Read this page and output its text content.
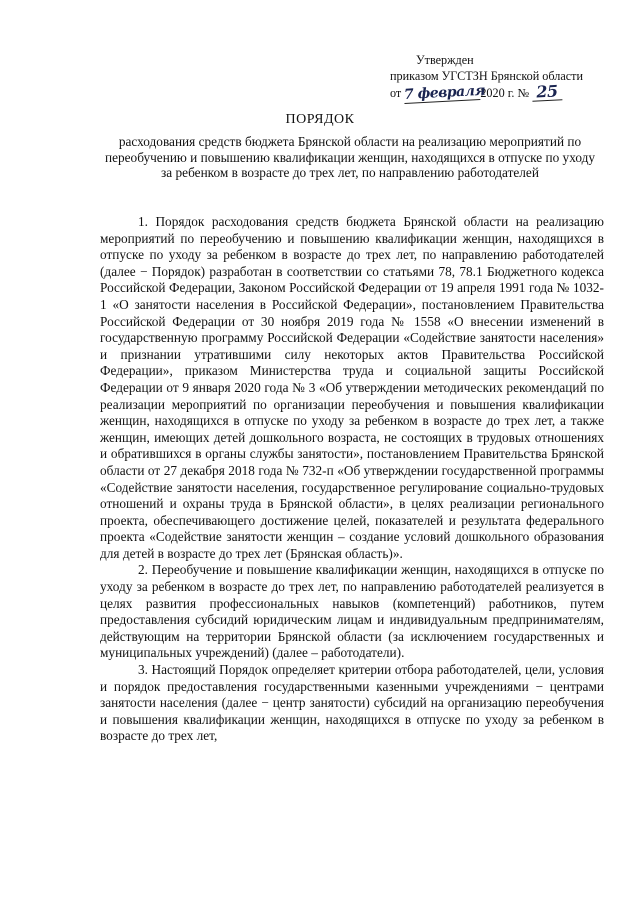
Утвержден
приказом УГСТЗН Брянской области
от 7 февраля2020 г. № 25
ПОРЯДОК
расходования средств бюджета Брянской области на реализацию мероприятий по переобучению и повышению квалификации женщин, находящихся в отпуске по уходу за ребенком в возрасте до трех лет, по направлению работодателей

1. Порядок расходования средств бюджета Брянской области на реализацию мероприятий по переобучению и повышению квалификации женщин, находящихся в отпуске по уходу за ребенком в возрасте до трех лет, по направлению работодателей (далее − Порядок) разработан в соответствии со статьями 78, 78.1 Бюджетного кодекса Российской Федерации, Законом Российской Федерации от 19 апреля 1991 года № 1032-1 «О занятости населения в Российской Федерации», постановлением Правительства Российской Федерации от 30 ноября 2019 года № 1558 «О внесении изменений в государственную программу Российской Федерации «Содействие занятости населения» и признании утратившими силу некоторых актов Правительства Российской Федерации», приказом Министерства труда и социальной защиты Российской Федерации от 9 января 2020 года № 3 «Об утверждении методических рекомендаций по реализации мероприятий по организации переобучения и повышения квалификации женщин, находящихся в отпуске по уходу за ребенком в возрасте до трех лет, а также женщин, имеющих детей дошкольного возраста, не состоящих в трудовых отношениях и обратившихся в органы службы занятости», постановлением Правительства Брянской области от 27 декабря 2018 года № 732-п «Об утверждении государственной программы «Содействие занятости населения, государственное регулирование социально-трудовых отношений и охраны труда в Брянской области», в целях реализации регионального проекта, обеспечивающего достижение целей, показателей и результата федерального проекта «Содействие занятости женщин – создание условий дошкольного образования для детей в возрасте до трех лет (Брянская область)».

2. Переобучение и повышение квалификации женщин, находящихся в отпуске по уходу за ребенком в возрасте до трех лет, по направлению работодателей реализуется в целях развития профессиональных навыков (компетенций) работников, путем предоставления субсидий юридическим лицам и индивидуальным предпринимателям, действующим на территории Брянской области (за исключением государственных и муниципальных учреждений) (далее – работодатели).

3. Настоящий Порядок определяет критерии отбора работодателей, цели, условия и порядок предоставления государственными казенными учреждениями − центрами занятости населения (далее − центр занятости) субсидий на организацию переобучения и повышения квалификации женщин, находящихся в отпуске по уходу за ребенком в возрасте до трех лет,
